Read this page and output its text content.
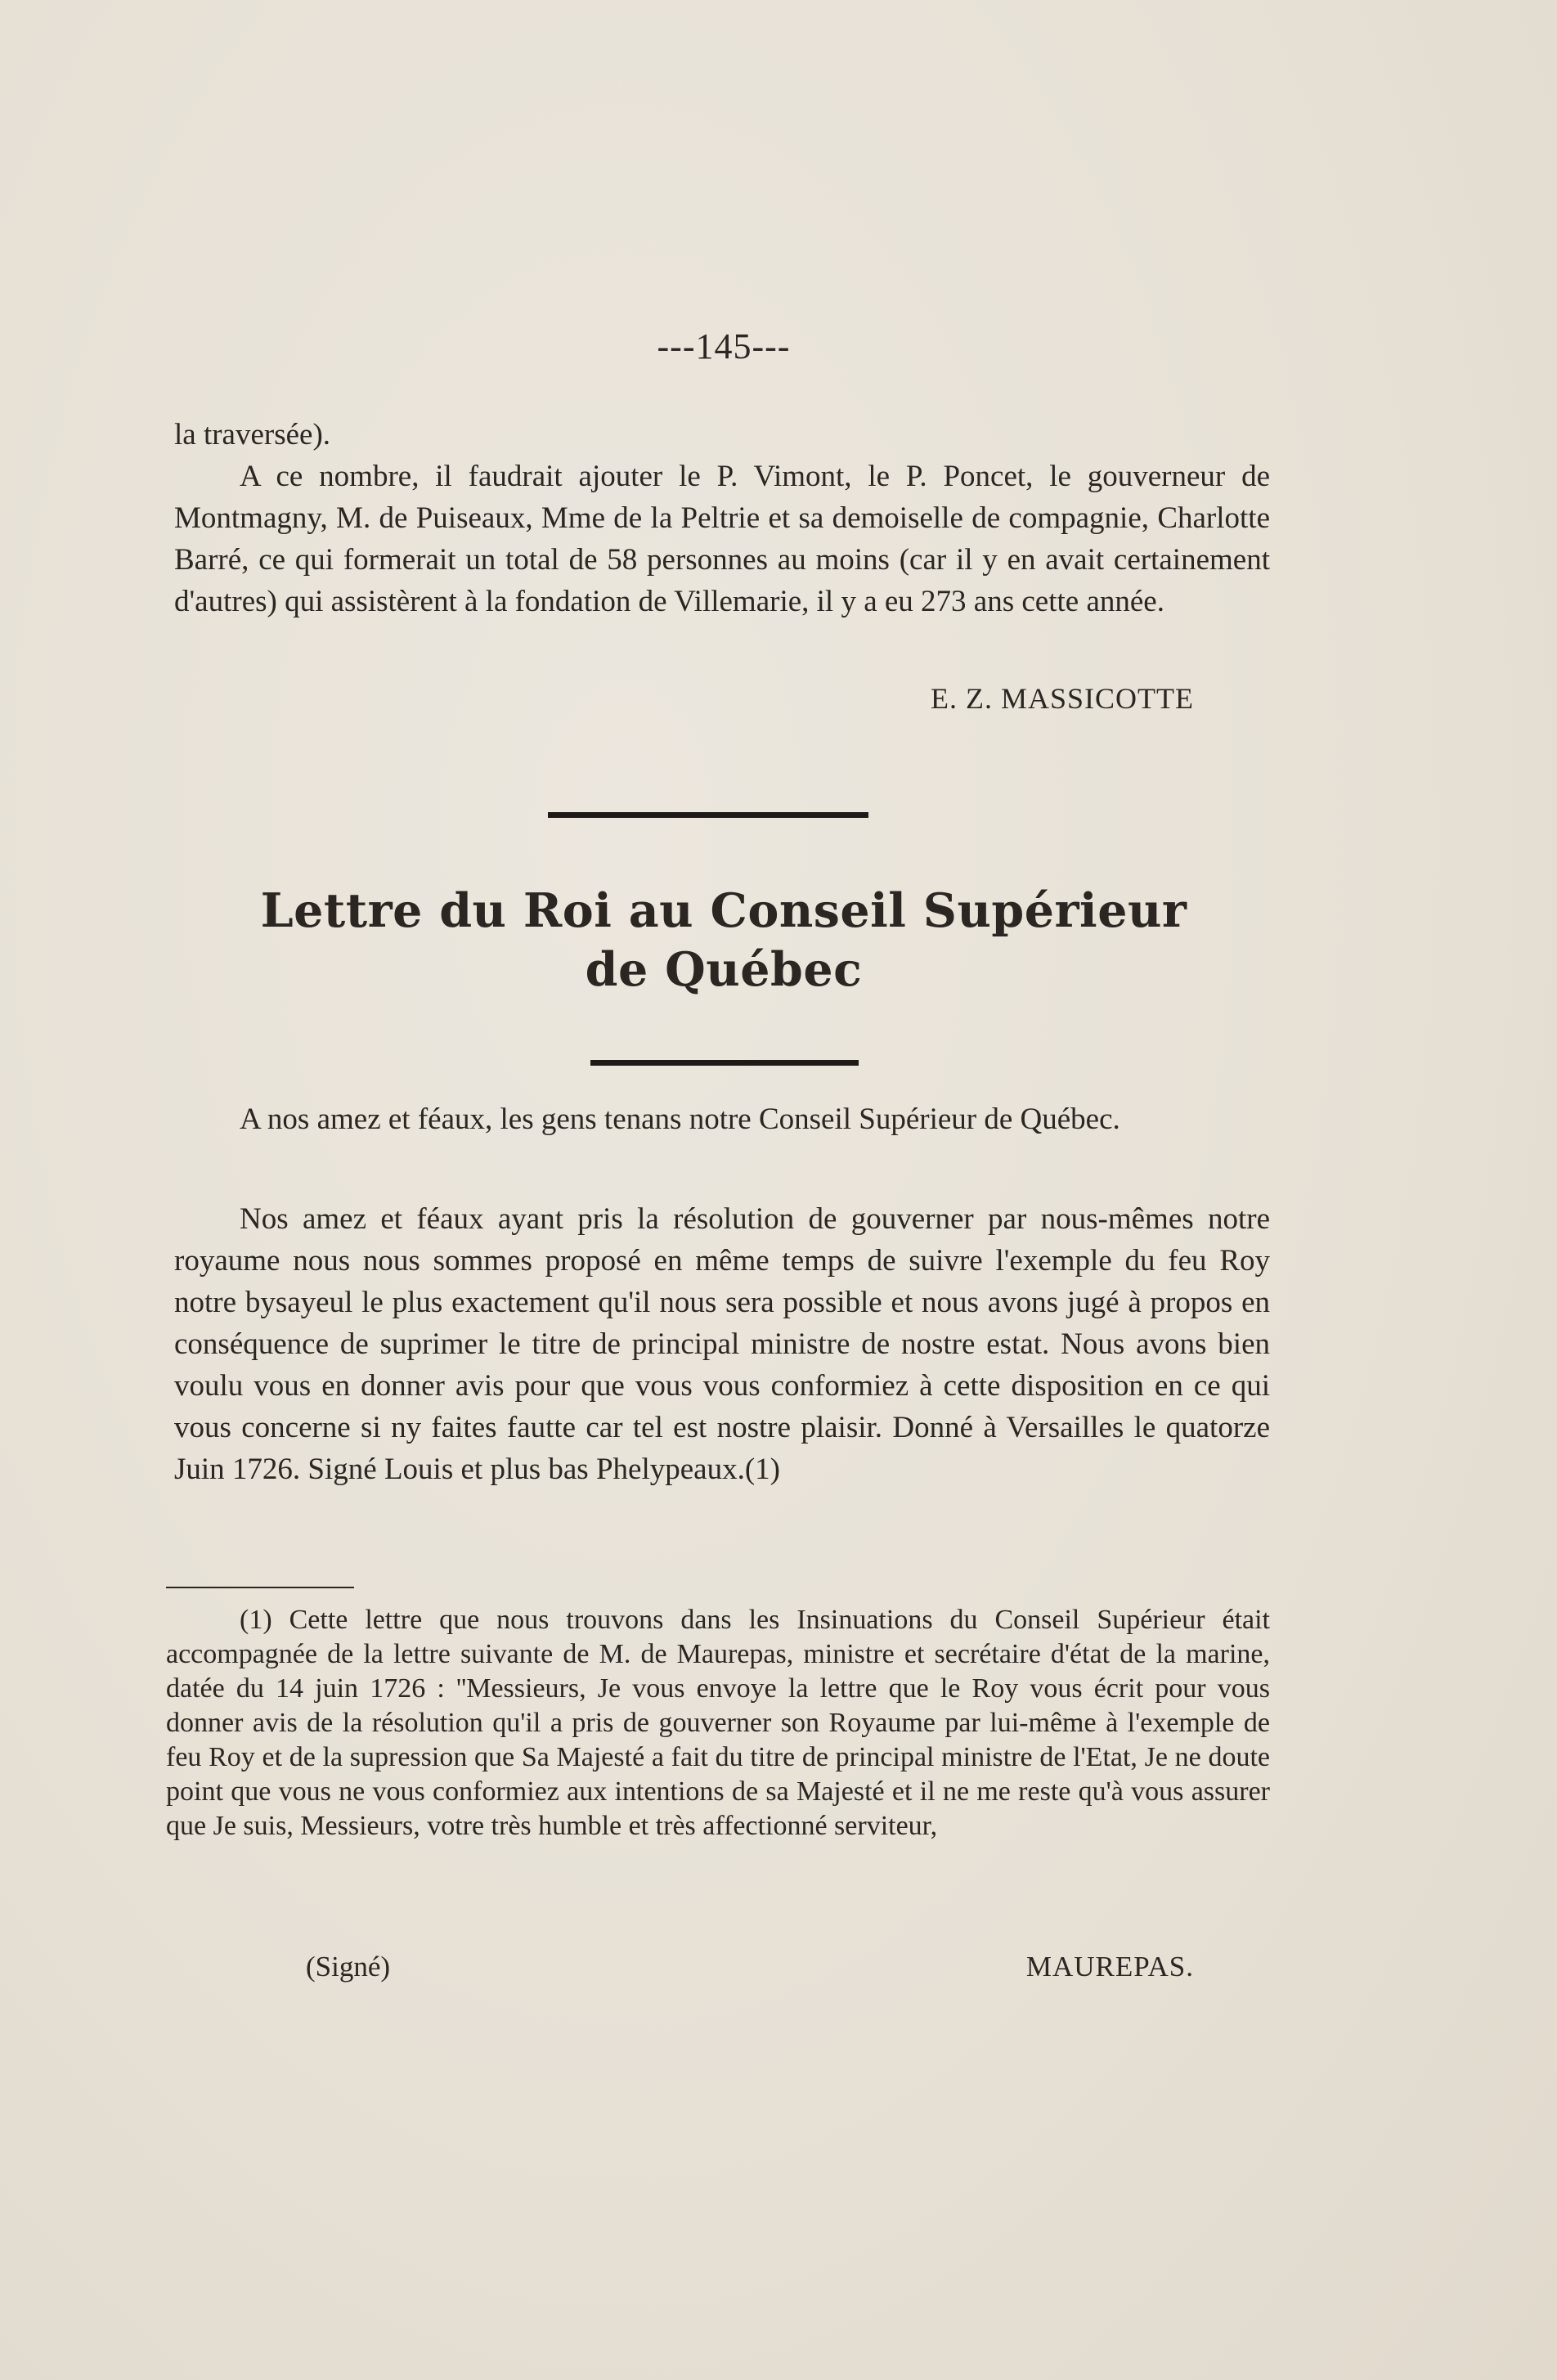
---145---

la traversée).

A ce nombre, il faudrait ajouter le P. Vimont, le P. Poncet, le gouverneur de Montmagny, M. de Puiseaux, Mme de la Peltrie et sa demoiselle de compagnie, Charlotte Barré, ce qui formerait un total de 58 personnes au moins (car il y en avait certainement d'autres) qui assistèrent à la fondation de Villemarie, il y a eu 273 ans cette année.

E. Z. MASSICOTTE
Lettre du Roi au Conseil Supérieur
de Québec

A nos amez et féaux, les gens tenans notre Conseil Supérieur de Québec.

Nos amez et féaux ayant pris la résolution de gouverner par nous-mêmes notre royaume nous nous sommes proposé en même temps de suivre l'exemple du feu Roy notre bysayeul le plus exactement qu'il nous sera possible et nous avons jugé à propos en conséquence de suprimer le titre de principal ministre de nostre estat. Nous avons bien voulu vous en donner avis pour que vous vous conformiez à cette disposition en ce qui vous concerne si ny faites fautte car tel est nostre plaisir. Donné à Versailles le quatorze Juin 1726. Signé Louis et plus bas Phelypeaux.(1)

(1) Cette lettre que nous trouvons dans les Insinuations du Conseil Supérieur était accompagnée de la lettre suivante de M. de Maurepas, ministre et secrétaire d'état de la marine, datée du 14 juin 1726 : ''Messieurs, Je vous envoye la lettre que le Roy vous écrit pour vous donner avis de la résolution qu'il a pris de gouverner son Royaume par lui-même à l'exemple de feu Roy et de la supression que Sa Majesté a fait du titre de principal ministre de l'Etat, Je ne doute point que vous ne vous conformiez aux intentions de sa Majesté et il ne me reste qu'à vous assurer que Je suis, Messieurs, votre très humble et très affectionné serviteur,

(Signé)	MAUREPAS.
